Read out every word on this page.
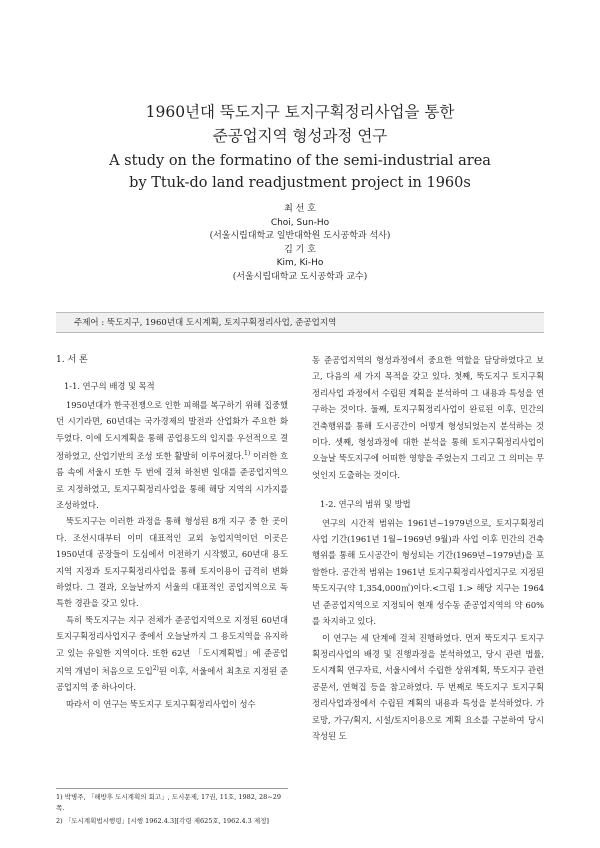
1960년대 뚝도지구 토지구획정리사업을 통한
준공업지역 형성과정 연구
A study on the formatino of the semi-industrial area
by Ttuk-do land readjustment project in 1960s
최 선 호
Choi, Sun-Ho
(서울시립대학교 일반대학원 도시공학과 석사)
김 기 호
Kim, Ki-Ho
(서울시립대학교 도시공학과 교수)
주제어 : 뚝도지구, 1960년대 도시계획, 토지구획정리사업, 준공업지역

1. 서 론

1-1. 연구의 배경 및 목적

1950년대가 한국전쟁으로 인한 피해를 복구하기 위해 집중했던 시기라면, 60년대는 국가경제의 발전과 산업화가 주요한 화두였다. 이에 도시계획을 통해 공업용도의 입지를 우선적으로 결정하였고, 산업기반의 조성 또한 활발히 이루어졌다.$^{1)}$ 이러한 흐름 속에 서울시 또한 두 번에 걸쳐 하천변 일대를 준공업지역으로 지정하였고, 토지구획정리사업을 통해 해당 지역의 시가지를 조성하였다.

뚝도지구는 이러한 과정을 통해 형성된 8개 지구 중 한 곳이다. 조선시대부터 이미 대표적인 교외 농업지역이던 이곳은 1950년대 공장들이 도심에서 이전하기 시작했고, 60년대 용도지역 지정과 토지구획정리사업을 통해 토지이용이 급격히 변화하였다. 그 결과, 오늘날까지 서울의 대표적인 공업지역으로 독특한 경관을 갖고 있다.

특히 뚝도지구는 지구 전체가 준공업지역으로 지정된 60년대 토지구획정리사업지구 중에서 오늘날까지 그 용도지역을 유지하고 있는 유일한 지역이다. 또한 62년 「도시계획법」에 준공업지역 개념이 처음으로 도입$^{2)}$된 이후, 서울에서 최초로 지정된 준공업지역 중 하나이다.

따라서 이 연구는 뚝도지구 토지구획정리사업이 성수

1) 박병주, 「해방후 도시계획의 회고」, 도시문제, 17권, 11호, 1982, 28~29쪽.

2) 「도시계획법시행령」[시행 1962.4.3][각령 제625호, 1962.4.3 제정]

동 준공업지역의 형성과정에서 중요한 역할을 담당하였다고 보고, 다음의 세 가지 목적을 갖고 있다. 첫째, 뚝도지구 토지구획정리사업 과정에서 수립된 계획을 분석하여 그 내용과 특성을 연구하는 것이다. 둘째, 토지구획정리사업이 완료된 이후, 민간의 건축행위를 통해 도시공간이 어떻게 형성되었는지 분석하는 것이다. 셋째, 형성과정에 대한 분석을 통해 토지구획정리사업이 오늘날 뚝도지구에 어떠한 영향을 주었는지 그리고 그 의미는 무엇인지 도출하는 것이다.

1-2. 연구의 범위 및 방법

연구의 시간적 범위는 1961년~1979년으로, 토지구획정리사업 기간(1961년 1월~1969년 9월)과 사업 이후 민간의 건축 행위를 통해 도시공간이 형성되는 기간(1969년~1979년)을 포함한다. 공간적 범위는 1961년 토지구획정리사업지구로 지정된 뚝도지구(약 1,354,000㎡)이다.<그림 1.> 해당 지구는 1964년 준공업지역으로 지정되어 현재 성수동 준공업지역의 약 60%를 차지하고 있다.

이 연구는 세 단계에 걸쳐 진행하였다. 먼저 뚝도지구 토지구획정리사업의 배경 및 진행과정을 분석하였고, 당시 관련 법률, 도시계획 연구자료, 서울시에서 수립한 상위계획, 뚝도지구 관련 공문서, 연혁집 등을 참고하였다. 두 번째로 뚝도지구 토지구획정리사업과정에서 수립된 계획의 내용과 특성을 분석하였다. 가로망, 가구/획지, 시설/토지이용으로 계획 요소를 구분하여 당시 작성된 도
